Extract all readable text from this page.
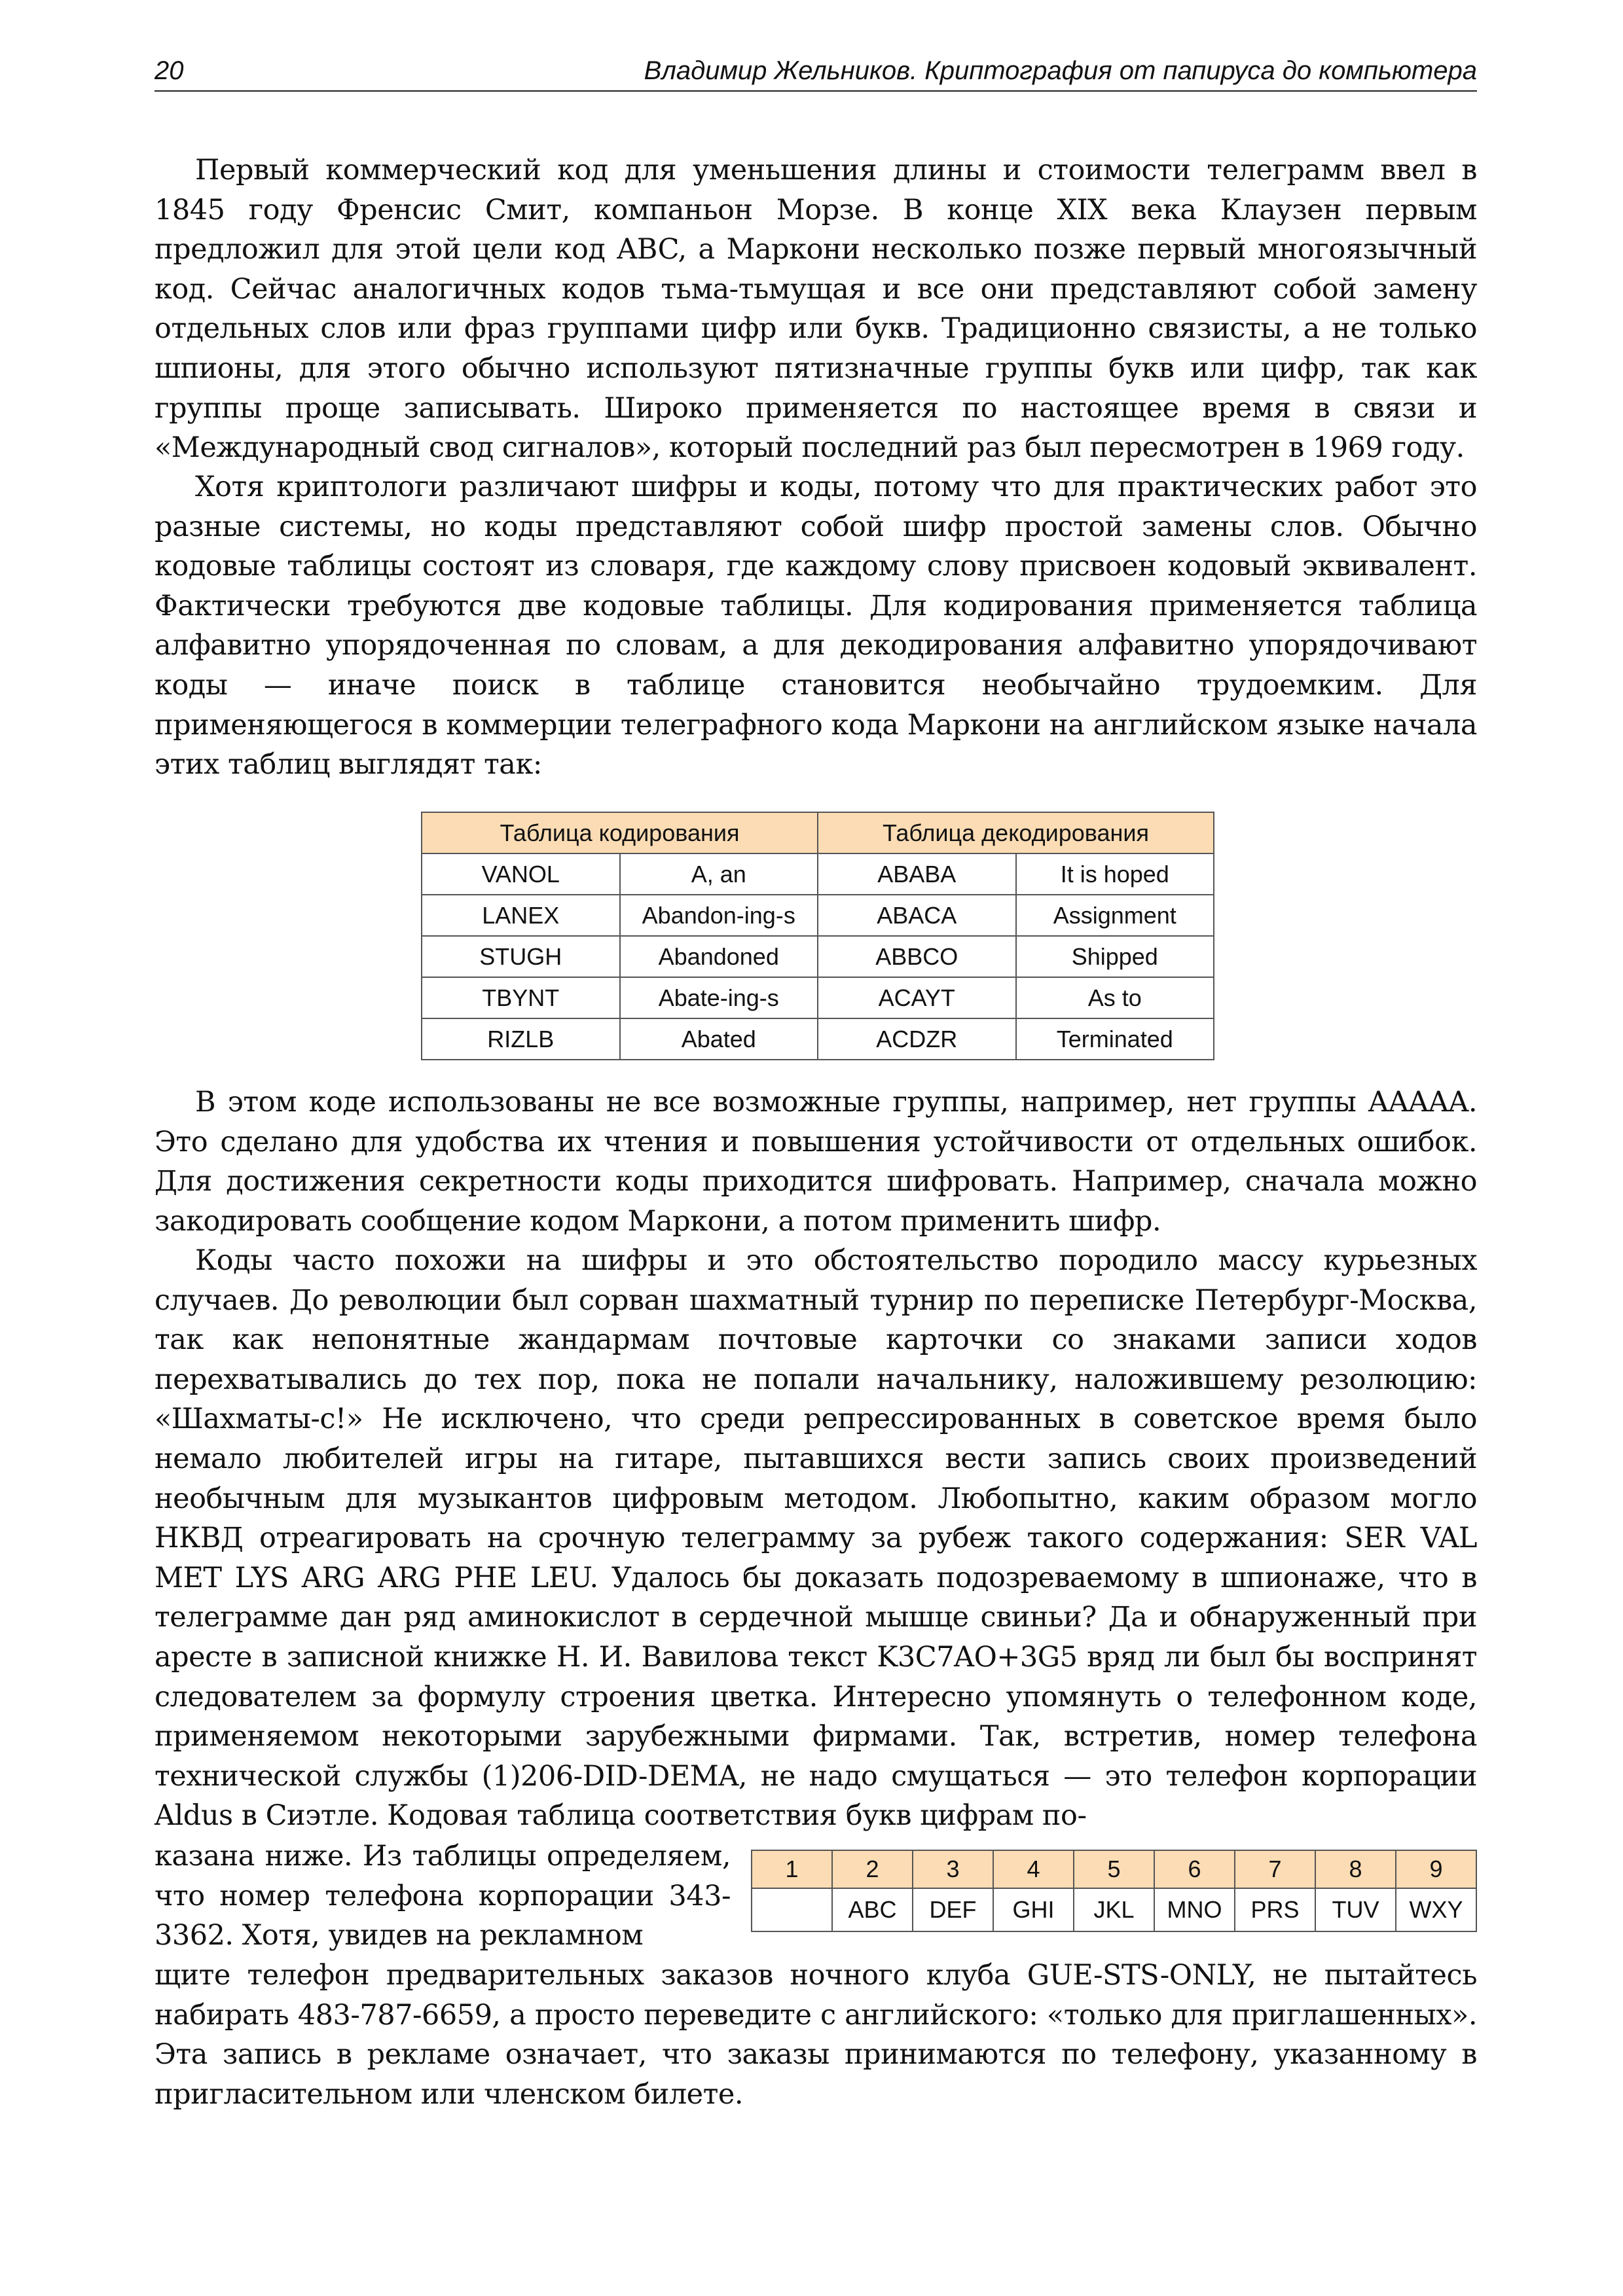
20	Владимир Жельников. Криптография от папируса до компьютера

Первый коммерческий код для уменьшения длины и стоимости телеграмм ввел в 1845 году Френсис Смит, компаньон Морзе. В конце XIX века Клаузен первым предложил для этой цели код ABC, а Маркони несколько позже первый многоязычный код. Сейчас аналогичных кодов тьма-тьмущая и все они представляют собой замену отдельных слов или фраз группами цифр или букв. Традиционно связисты, а не только шпионы, для этого обычно используют пятизначные группы букв или цифр, так как группы проще записывать. Широко применяется по настоящее время в связи и «Международный свод сигналов», который последний раз был пересмотрен в 1969 году.

Хотя криптологи различают шифры и коды, потому что для практических работ это разные системы, но коды представляют собой шифр простой замены слов. Обычно кодовые таблицы состоят из словаря, где каждому слову присвоен кодовый эквивалент. Фактически требуются две кодовые таблицы. Для кодирования применяется таблица алфавитно упорядоченная по словам, а для декодирования алфавитно упорядочивают коды — иначе поиск в таблице становится необычайно трудоемким. Для применяющегося в коммерции телеграфного кода Маркони на английском языке начала этих таблиц выглядят так:

Таблица кодирования		Таблица декодирования	
VANOL	A, an	ABABA	It is hoped
LANEX	Abandon-ing-s	ABACA	Assignment
STUGH	Abandoned	ABBCO	Shipped
TBYNT	Abate-ing-s	ACAYT	As to
RIZLB	Abated	ACDZR	Terminated

В этом коде использованы не все возможные группы, например, нет группы AAAAA. Это сделано для удобства их чтения и повышения устойчивости от отдельных ошибок. Для достижения секретности коды приходится шифровать. Например, сначала можно закодировать сообщение кодом Маркони, а потом применить шифр.

Коды часто похожи на шифры и это обстоятельство породило массу курьезных случаев. До революции был сорван шахматный турнир по переписке Петербург-Москва, так как непонятные жандармам почтовые карточки со знаками записи ходов перехватывались до тех пор, пока не попали начальнику, наложившему резолюцию: «Шахматы-с!» Не исключено, что среди репрессированных в советское время было немало любителей игры на гитаре, пытавшихся вести запись своих произведений необычным для музыкантов цифровым методом. Любопытно, каким образом могло НКВД отреагировать на срочную телеграмму за рубеж такого содержания: SER VAL MET LYS ARG ARG PHE LEU. Удалось бы доказать подозреваемому в шпионаже, что в телеграмме дан ряд аминокислот в сердечной мышце свиньи? Да и обнаруженный при аресте в записной книжке Н. И. Вавилова текст K3C7AO+3G5 вряд ли был бы воспринят следователем за формулу строения цветка. Интересно упомянуть о телефонном коде, применяемом некоторыми зарубежными фирмами. Так, встретив, номер телефона технической службы (1)206-DID-DEMA, не надо смущаться — это телефон корпорации Aldus в Сиэтле. Кодовая таблица соответствия букв цифрам по-

казана ниже. Из таблицы определяем, что номер телефона корпорации 343-3362. Хотя, увидев на рекламном

1	2	3	4	5	6	7	8	9
	ABC	DEF	GHI	JKL	MNO	PRS	TUV	WXY

щите телефон предварительных заказов ночного клуба GUE-STS-ONLY, не пытайтесь набирать 483-787-6659, а просто переведите с английского: «только для приглашенных». Эта запись в рекламе означает, что заказы принимаются по телефону, указанному в пригласительном или членском билете.
